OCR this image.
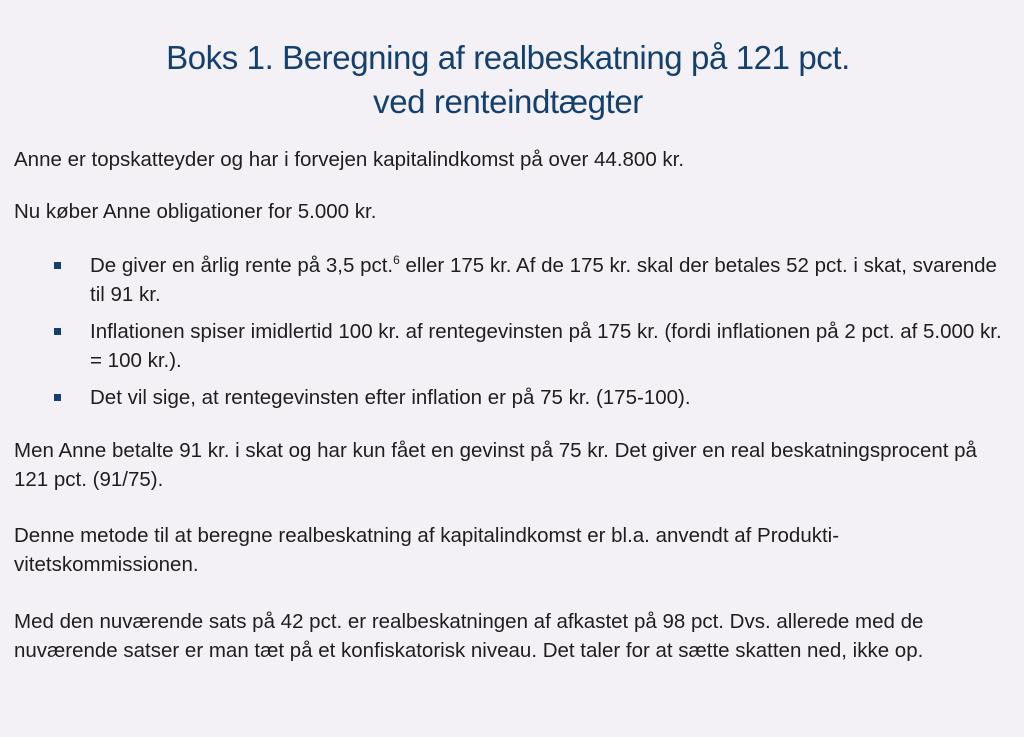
Boks 1. Beregning af realbeskatning på 121 pct.
ved renteindtægter

Anne er topskatteyder og har i forvejen kapitalindkomst på over 44.800 kr.

Nu køber Anne obligationer for 5.000 kr.

De giver en årlig rente på 3,5 pct.$^6$ eller 175 kr. Af de 175 kr. skal der betales 52 pct. i skat, svarende til 91 kr.
Inflationen spiser imidlertid 100 kr. af rentegevinsten på 175 kr. (fordi inflationen på 2 pct. af 5.000 kr. = 100 kr.).
Det vil sige, at rentegevinsten efter inflation er på 75 kr. (175-100).

Men Anne betalte 91 kr. i skat og har kun fået en gevinst på 75 kr. Det giver en real beskatningsprocent på 121 pct. (91/75).

Denne metode til at beregne realbeskatning af kapitalindkomst er bl.a. anvendt af Produktivitetskommissionen.

Med den nuværende sats på 42 pct. er realbeskatningen af afkastet på 98 pct. Dvs. allerede med de nuværende satser er man tæt på et konfiskatorisk niveau. Det taler for at sætte skatten ned, ikke op.
